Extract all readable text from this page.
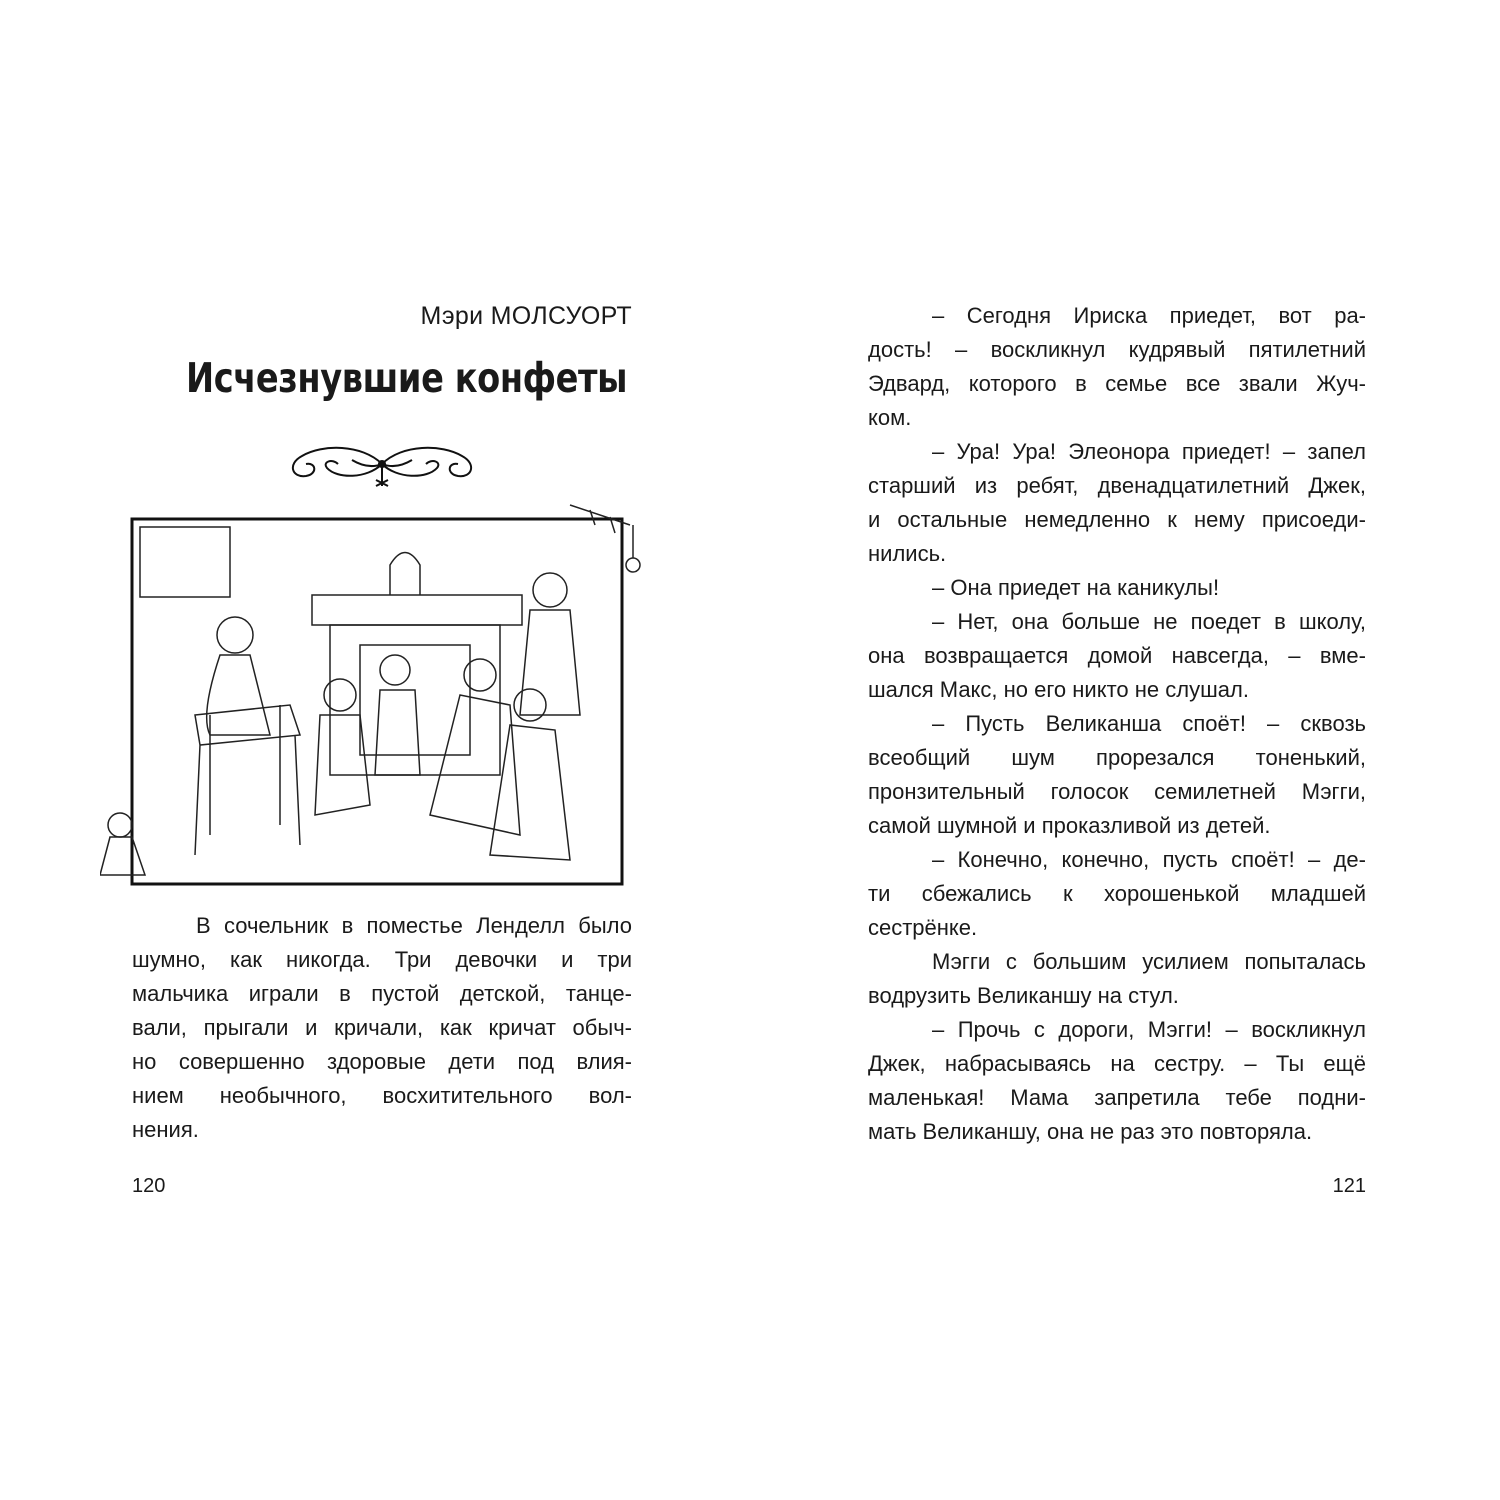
Мэри МОЛСУОРТ
Исчезнувшие конфеты
В сочельник в поместье Ленделл было
шумно, как никогда. Три девочки и три
мальчика играли в пустой детской, танце-
вали, прыгали и кричали, как кричат обыч-
но совершенно здоровые дети под влия-
нием необычного, восхитительного вол-
нения.
120
– Сегодня Ириска приедет, вот ра-
дость! – воскликнул кудрявый пятилетний
Эдвард, которого в семье все звали Жуч-
ком.
– Ура! Ура! Элеонора приедет! – запел
старший из ребят, двенадцатилетний Джек,
и остальные немедленно к нему присоеди-
нились.
– Она приедет на каникулы!
– Нет, она больше не поедет в школу,
она возвращается домой навсегда, – вме-
шался Макс, но его никто не слушал.
– Пусть Великанша споёт! – сквозь
всеобщий шум прорезался тоненький,
пронзительный голосок семилетней Мэгги,
самой шумной и проказливой из детей.
– Конечно, конечно, пусть споёт! – де-
ти сбежались к хорошенькой младшей
сестрёнке.
Мэгги с большим усилием попыталась
водрузить Великаншу на стул.
– Прочь с дороги, Мэгги! – воскликнул
Джек, набрасываясь на сестру. – Ты ещё
маленькая! Мама запретила тебе подни-
мать Великаншу, она не раз это повторяла.
121
